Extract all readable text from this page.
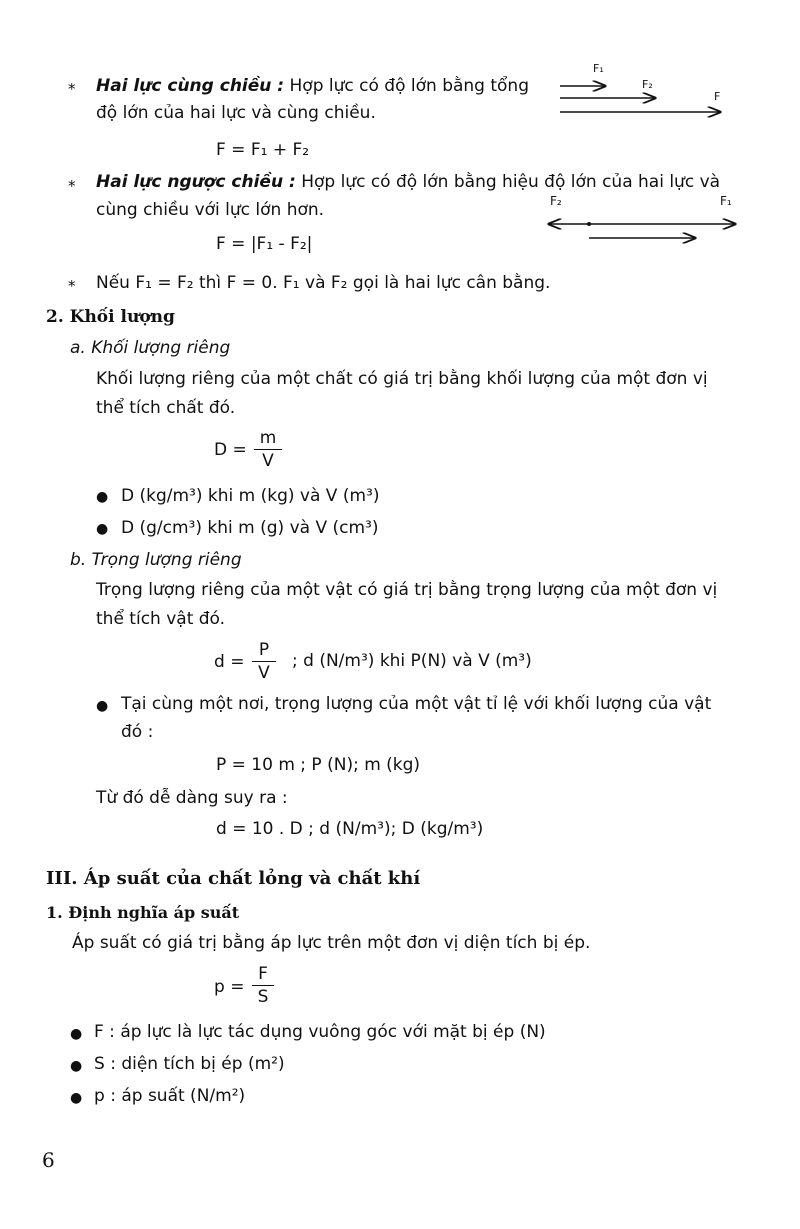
* Hai lực cùng chiều : Hợp lực có độ lớn bằng tổng
độ lớn của hai lực và cùng chiều.
F = F₁ + F₂
F₁
F₂
F
* Hai lực ngược chiều : Hợp lực có độ lớn bằng hiệu độ lớn của hai lực và
cùng chiều với lực lớn hơn.
F = |F₁ - F₂|
F₂	F₁
* Nếu F₁ = F₂ thì F = 0. F₁ và F₂ gọi là hai lực cân bằng.
2. Khối lượng
a. Khối lượng riêng
Khối lượng riêng của một chất có giá trị bằng khối lượng của một đơn vị
thể tích chất đó.
D =
m
V
● D (kg/m³) khi m (kg) và V (m³)
● D (g/cm³) khi m (g) và V (cm³)
b. Trọng lượng riêng
Trọng lượng riêng của một vật có giá trị bằng trọng lượng của một đơn vị
thể tích vật đó.
d =
P
V
; d (N/m³) khi P(N) và V (m³)
● Tại cùng một nơi, trọng lượng của một vật tỉ lệ với khối lượng của vật
đó :
P = 10 m ; P (N); m (kg)
Từ đó dễ dàng suy ra :
d = 10 . D ; d (N/m³); D (kg/m³)
III. Áp suất của chất lỏng và chất khí
1. Định nghĩa áp suất
Áp suất có giá trị bằng áp lực trên một đơn vị diện tích bị ép.
p =
F
S
● F : áp lực là lực tác dụng vuông góc với mặt bị ép (N)
● S : diện tích bị ép (m²)
● p : áp suất (N/m²)
6
